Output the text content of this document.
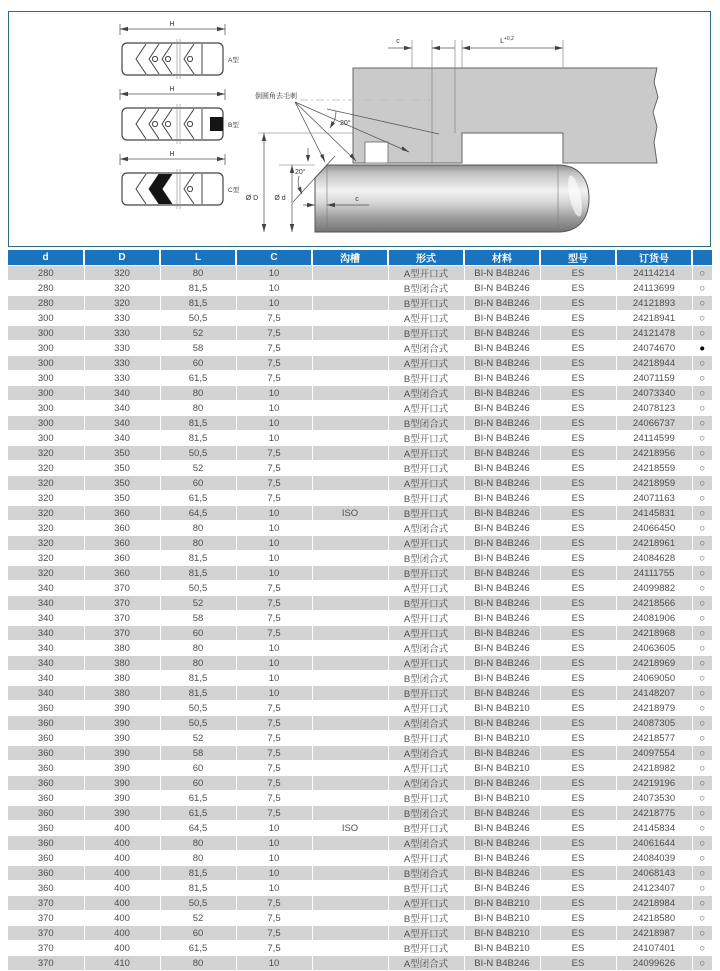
H
A型
H
B型
H
C型
c	$L^{+0,2}$
倒圆角去毛刺
20°
20°
Ø D Ø d	c
d	D	L	C	沟槽	形式	材料	型号	订货号	
280	320	80	10		A型开口式	BI-N B4B246	ES	24114214	○
280	320	81,5	10		B型闭合式	BI-N B4B246	ES	24113699	○
280	320	81,5	10		B型开口式	BI-N B4B246	ES	24121893	○
300	330	50,5	7,5		A型开口式	BI-N B4B246	ES	24218941	○
300	330	52	7,5		B型开口式	BI-N B4B246	ES	24121478	○
300	330	58	7,5		A型闭合式	BI-N B4B246	ES	24074670	●
300	330	60	7,5		A型开口式	BI-N B4B246	ES	24218944	○
300	330	61,5	7,5		B型开口式	BI-N B4B246	ES	24071159	○
300	340	80	10		A型闭合式	BI-N B4B246	ES	24073340	○
300	340	80	10		A型开口式	BI-N B4B246	ES	24078123	○
300	340	81,5	10		B型闭合式	BI-N B4B246	ES	24066737	○
300	340	81,5	10		B型开口式	BI-N B4B246	ES	24114599	○
320	350	50,5	7,5		A型开口式	BI-N B4B246	ES	24218956	○
320	350	52	7,5		B型开口式	BI-N B4B246	ES	24218559	○
320	350	60	7,5		A型开口式	BI-N B4B246	ES	24218959	○
320	350	61,5	7,5		B型开口式	BI-N B4B246	ES	24071163	○
320	360	64,5	10	ISO	B型开口式	BI-N B4B246	ES	24145831	○
320	360	80	10		A型闭合式	BI-N B4B246	ES	24066450	○
320	360	80	10		A型开口式	BI-N B4B246	ES	24218961	○
320	360	81,5	10		B型闭合式	BI-N B4B246	ES	24084628	○
320	360	81,5	10		B型开口式	BI-N B4B246	ES	24111755	○
340	370	50,5	7,5		A型开口式	BI-N B4B246	ES	24099882	○
340	370	52	7,5		B型开口式	BI-N B4B246	ES	24218566	○
340	370	58	7,5		A型开口式	BI-N B4B246	ES	24081906	○
340	370	60	7,5		A型开口式	BI-N B4B246	ES	24218968	○
340	380	80	10		A型闭合式	BI-N B4B246	ES	24063605	○
340	380	80	10		A型开口式	BI-N B4B246	ES	24218969	○
340	380	81,5	10		B型闭合式	BI-N B4B246	ES	24069050	○
340	380	81,5	10		B型开口式	BI-N B4B246	ES	24148207	○
360	390	50,5	7,5		A型开口式	BI-N B4B210	ES	24218979	○
360	390	50,5	7,5		A型闭合式	BI-N B4B246	ES	24087305	○
360	390	52	7,5		B型开口式	BI-N B4B210	ES	24218577	○
360	390	58	7,5		A型闭合式	BI-N B4B246	ES	24097554	○
360	390	60	7,5		A型开口式	BI-N B4B210	ES	24218982	○
360	390	60	7,5		A型闭合式	BI-N B4B246	ES	24219196	○
360	390	61,5	7,5		B型开口式	BI-N B4B210	ES	24073530	○
360	390	61,5	7,5		B型闭合式	BI-N B4B246	ES	24218775	○
360	400	64,5	10	ISO	B型开口式	BI-N B4B246	ES	24145834	○
360	400	80	10		A型闭合式	BI-N B4B246	ES	24061644	○
360	400	80	10		A型开口式	BI-N B4B246	ES	24084039	○
360	400	81,5	10		B型闭合式	BI-N B4B246	ES	24068143	○
360	400	81,5	10		B型开口式	BI-N B4B246	ES	24123407	○
370	400	50,5	7,5		A型开口式	BI-N B4B210	ES	24218984	○
370	400	52	7,5		B型开口式	BI-N B4B210	ES	24218580	○
370	400	60	7,5		A型开口式	BI-N B4B210	ES	24218987	○
370	400	61,5	7,5		B型开口式	BI-N B4B210	ES	24107401	○
370	410	80	10		A型闭合式	BI-N B4B246	ES	24099626	○
